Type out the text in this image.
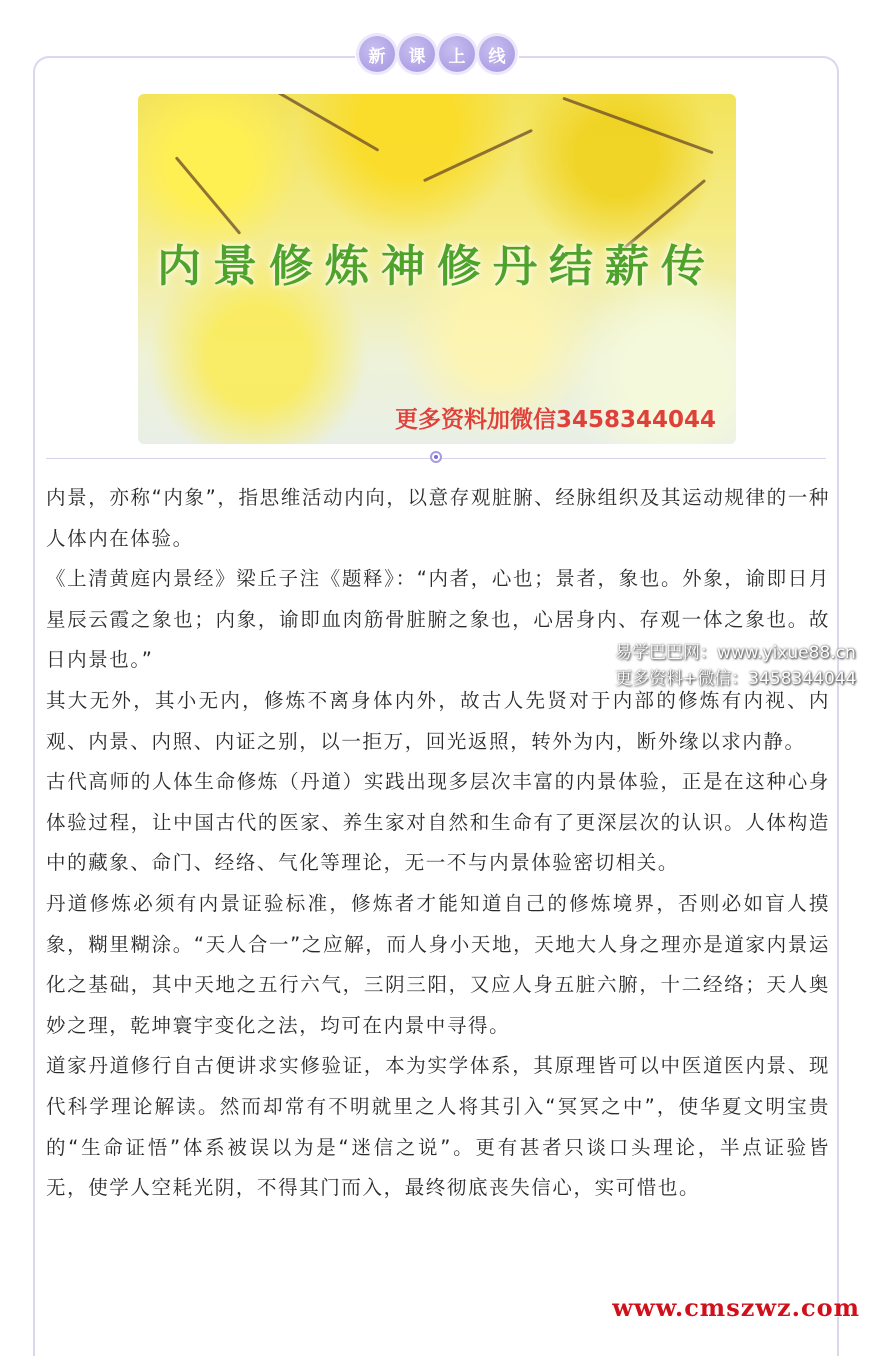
新	课	上	线
内景修炼神修丹结薪传
更多资料加微信3458344044

内景，亦称“内象”，指思维活动内向，以意存观脏腑、经脉组织及其运动规律的一种人体内在体验。

《上清黄庭内景经》梁丘子注《题释》：“内者，心也；景者，象也。外象，谕即日月星辰云霞之象也；内象，谕即血肉筋骨脏腑之象也，心居身内、存观一体之象也。故日内景也。”

其大无外，其小无内，修炼不离身体内外，故古人先贤对于内部的修炼有内视、内观、内景、内照、内证之别，以一拒万，回光返照，转外为内，断外缘以求内静。

古代高师的人体生命修炼（丹道）实践出现多层次丰富的内景体验，正是在这种心身体验过程，让中国古代的医家、养生家对自然和生命有了更深层次的认识。人体构造中的藏象、命门、经络、气化等理论，无一不与内景体验密切相关。

丹道修炼必须有内景证验标准，修炼者才能知道自己的修炼境界，否则必如盲人摸象，糊里糊涂。“天人合一”之应解，而人身小天地，天地大人身之理亦是道家内景运化之基础，其中天地之五行六气，三阴三阳，又应人身五脏六腑，十二经络；天人奥妙之理，乾坤寰宇变化之法，均可在内景中寻得。

道家丹道修行自古便讲求实修验证，本为实学体系，其原理皆可以中医道医内景、现代科学理论解读。然而却常有不明就里之人将其引入“冥冥之中”，使华夏文明宝贵的“生命证悟”体系被误以为是“迷信之说”。更有甚者只谈口头理论，半点证验皆无，使学人空耗光阴，不得其门而入，最终彻底丧失信心，实可惜也。

易学巴巴网：www.yixue88.cn
更多资料+微信：3458344044
www.cmszwz.com
